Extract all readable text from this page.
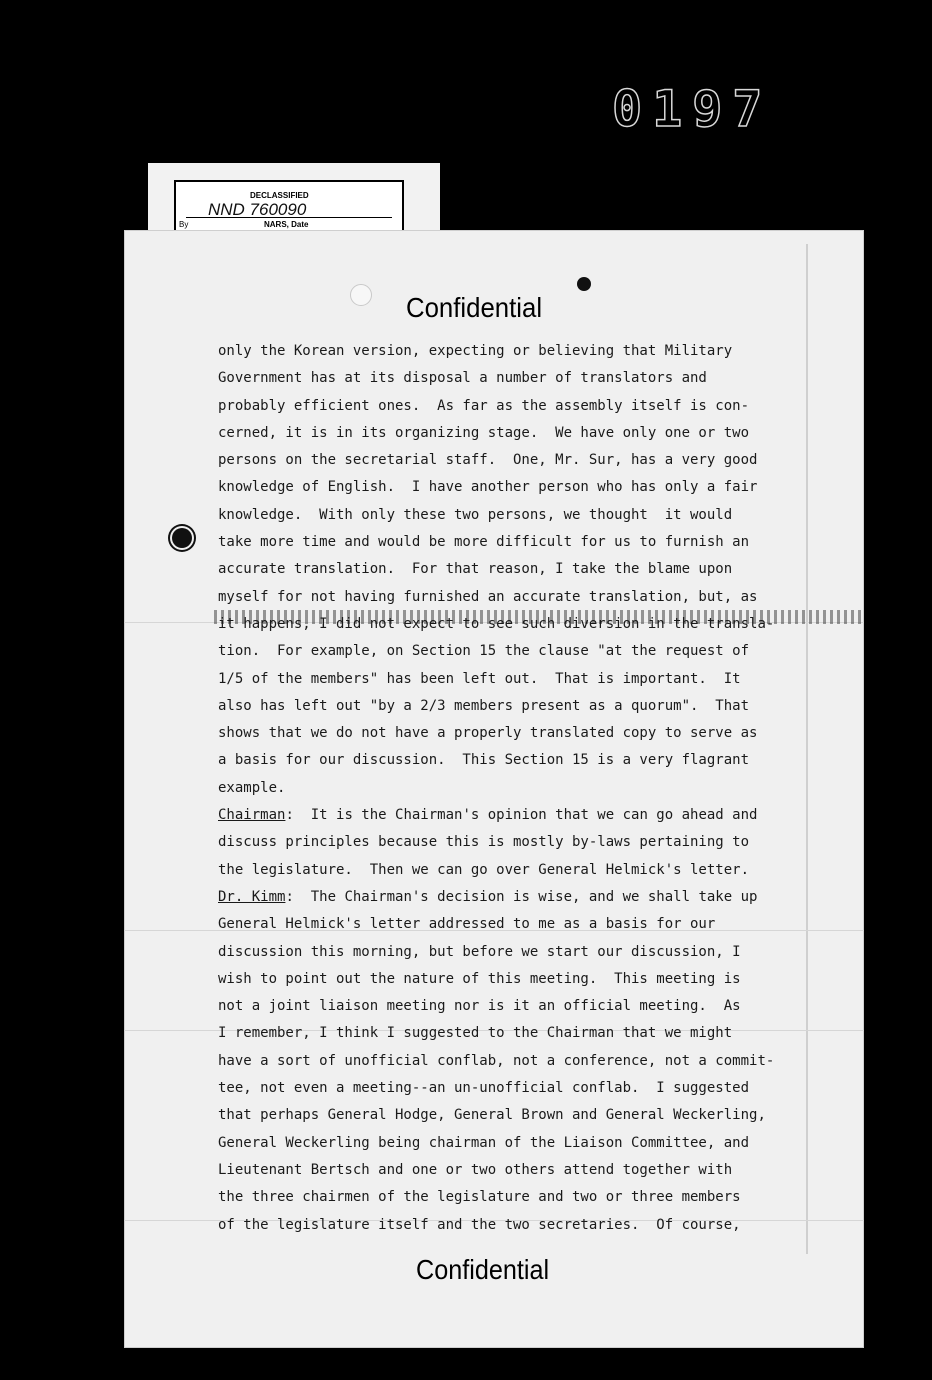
0197
DECLASSIFIED
NND 760090
By	NARS, Date
Confidential
only the Korean version, expecting or believing that Military
Government has at its disposal a number of translators and
probably efficient ones.  As far as the assembly itself is con-
cerned, it is in its organizing stage.  We have only one or two
persons on the secretarial staff.  One, Mr. Sur, has a very good
knowledge of English.  I have another person who has only a fair
knowledge.  With only these two persons, we thought  it would
take more time and would be more difficult for us to furnish an
accurate translation.  For that reason, I take the blame upon
myself for not having furnished an accurate translation, but, as
it happens, I did not expect to see such diversion in the transla-
tion.  For example, on Section 15 the clause "at the request of
1/5 of the members" has been left out.  That is important.  It
also has left out "by a 2/3 members present as a quorum".  That
shows that we do not have a properly translated copy to serve as
a basis for our discussion.  This Section 15 is a very flagrant
example.
Chairman:  It is the Chairman's opinion that we can go ahead and
discuss principles because this is mostly by-laws pertaining to
the legislature.  Then we can go over General Helmick's letter.
Dr. Kimm:  The Chairman's decision is wise, and we shall take up
General Helmick's letter addressed to me as a basis for our
discussion this morning, but before we start our discussion, I
wish to point out the nature of this meeting.  This meeting is
not a joint liaison meeting nor is it an official meeting.  As
I remember, I think I suggested to the Chairman that we might
have a sort of unofficial conflab, not a conference, not a commit-
tee, not even a meeting--an un-unofficial conflab.  I suggested
that perhaps General Hodge, General Brown and General Weckerling,
General Weckerling being chairman of the Liaison Committee, and
Lieutenant Bertsch and one or two others attend together with
the three chairmen of the legislature and two or three members
of the legislature itself and the two secretaries.  Of course,
Confidential
